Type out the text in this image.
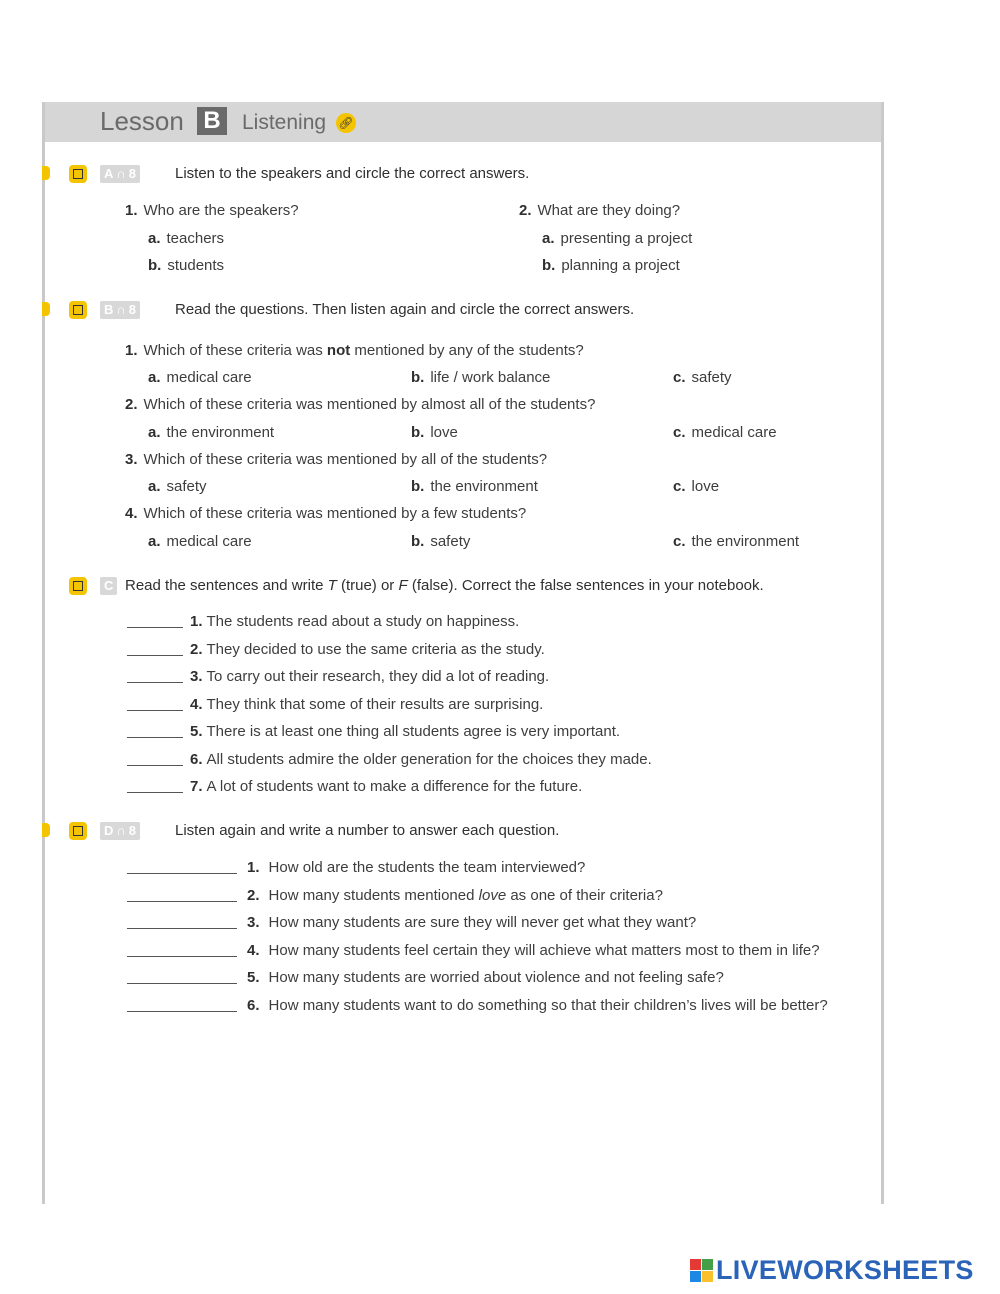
Lesson B	Listening 🔗︎
A ∩ 8	Listen to the speakers and circle the correct answers.
1. Who are the speakers?
a. teachers
b. students
2. What are they doing?
a. presenting a project
b. planning a project
B ∩ 8	Read the questions. Then listen again and circle the correct answers.
1. Which of these criteria was not mentioned by any of the students?
a. medical care	b. life / work balance	c. safety
2. Which of these criteria was mentioned by almost all of the students?
a. the environment	b. love	c. medical care
3. Which of these criteria was mentioned by all of the students?
a. safety	b. the environment	c. love
4. Which of these criteria was mentioned by a few students?
a. medical care	b. safety	c. the environment
C Read the sentences and write T (true) or F (false). Correct the false sentences in your notebook.
D ∩ 8	Listen again and write a number to answer each question.
1. The students read about a study on happiness.
2. They decided to use the same criteria as the study.
3. To carry out their research, they did a lot of reading.
4. They think that some of their results are surprising.
5. There is at least one thing all students agree is very important.
6. All students admire the older generation for the choices they made.
7. A lot of students want to make a difference for the future.
1. How old are the students the team interviewed?
2. How many students mentioned love as one of their criteria?
3. How many students are sure they will never get what they want?
4. How many students feel certain they will achieve what matters most to them in life?
5. How many students are worried about violence and not feeling safe?
6. How many students want to do something so that their children’s lives will be better?
LIVEWORKSHEETS
